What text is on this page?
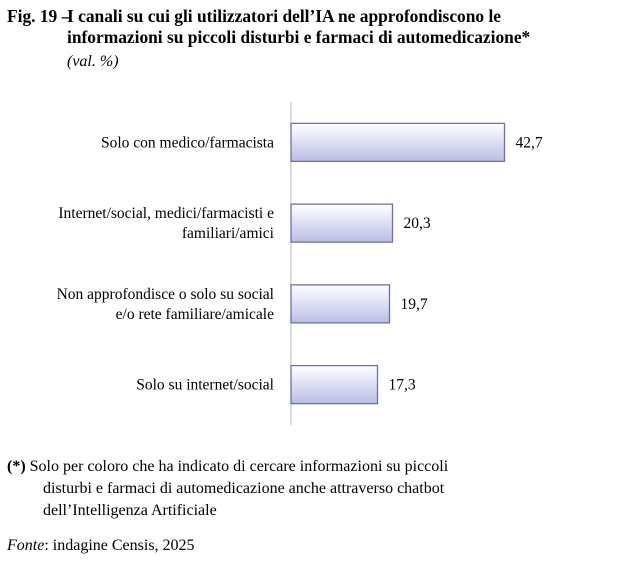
Fig. 19 –I canali su cui gli utilizzatori dell’IA ne approfondiscono le
informazioni su piccoli disturbi e farmaci di automedicazione*
(val. %)
42,7
Solo con medico/farmacista
20,3
Internet/social, medici/farmacisti e
familiari/amici
19,7
Non approfondisce o solo su social
e/o rete familiare/amicale
17,3
Solo su internet/social
(*) Solo per coloro che ha indicato di cercare informazioni su piccoli
disturbi e farmaci di automedicazione anche attraverso chatbot
dell’Intelligenza Artificiale
Fonte: indagine Censis, 2025
